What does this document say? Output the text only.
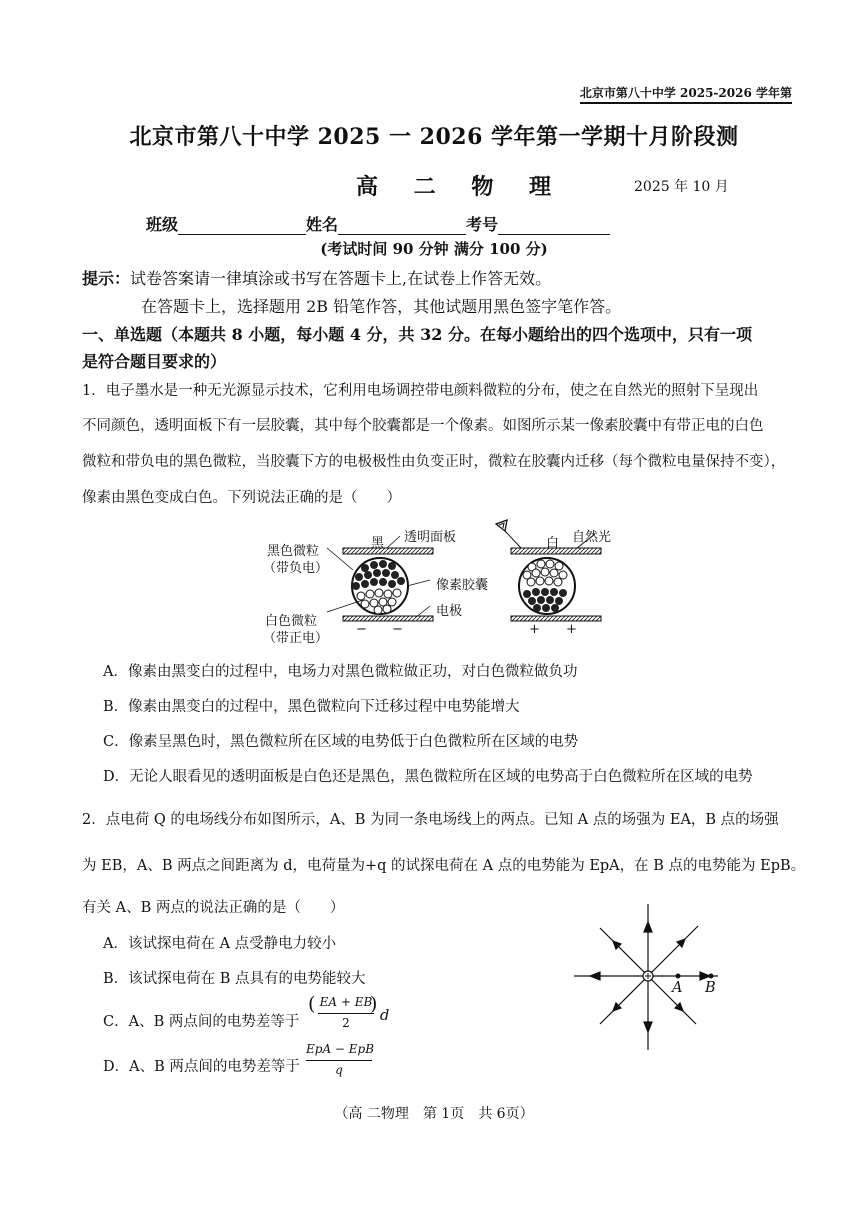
北京市第八十中学 2025-2026 学年第
北京市第八十中学 2025 一 2026 学年第一学期十月阶段测
高 二 物 理	2025 年 10 月
班级	姓名	考号
(考试时间 90 分钟 满分 100 分)
提示：试卷答案请一律填涂或书写在答题卡上,在试卷上作答无效。
在答题卡上，选择题用 2B 铅笔作答，其他试题用黑色签字笔作答。
一、单选题（本题共 8 小题，每小题 4 分，共 32 分。在每小题给出的四个选项中，只有一项
是符合题目要求的）
1．电子墨水是一种无光源显示技术，它利用电场调控带电颜料微粒的分布，使之在自然光的照射下呈现出
不同颜色，透明面板下有一层胶囊，其中每个胶囊都是一个像素。如图所示某一像素胶囊中有带正电的白色
微粒和带负电的黑色微粒，当胶囊下方的电极极性由负变正时，微粒在胶囊内迁移（每个微粒电量保持不变），
像素由黑色变成白色。下列说法正确的是（　　）
黑色微粒
（带负电）
白色微粒
（带正电）
透明面板
像素胶囊
电极
黑	白 自然光
− −	+ +
A．像素由黑变白的过程中，电场力对黑色微粒做正功，对白色微粒做负功
B．像素由黑变白的过程中，黑色微粒向下迁移过程中电势能增大
C．像素呈黑色时，黑色微粒所在区域的电势低于白色微粒所在区域的电势
D．无论人眼看见的透明面板是白色还是黑色，黑色微粒所在区域的电势高于白色微粒所在区域的电势
2．点电荷 Q 的电场线分布如图所示，A、B 为同一条电场线上的两点。已知 A 点的场强为 EA，B 点的场强
为 EB，A、B 两点之间距离为 d，电荷量为+q 的试探电荷在 A 点的电势能为 EpA，在 B 点的电势能为 EpB。
有关 A、B 两点的说法正确的是（　　）
A．该试探电荷在 A 点受静电力较小
B．该试探电荷在 B 点具有的电势能较大
C．A、B 两点间的电势差等于
( EA + EB
2
)
d
D．A、B 两点间的电势差等于
EpA − EpB
q
A B
（高 二物理　第 1页　共 6页）
